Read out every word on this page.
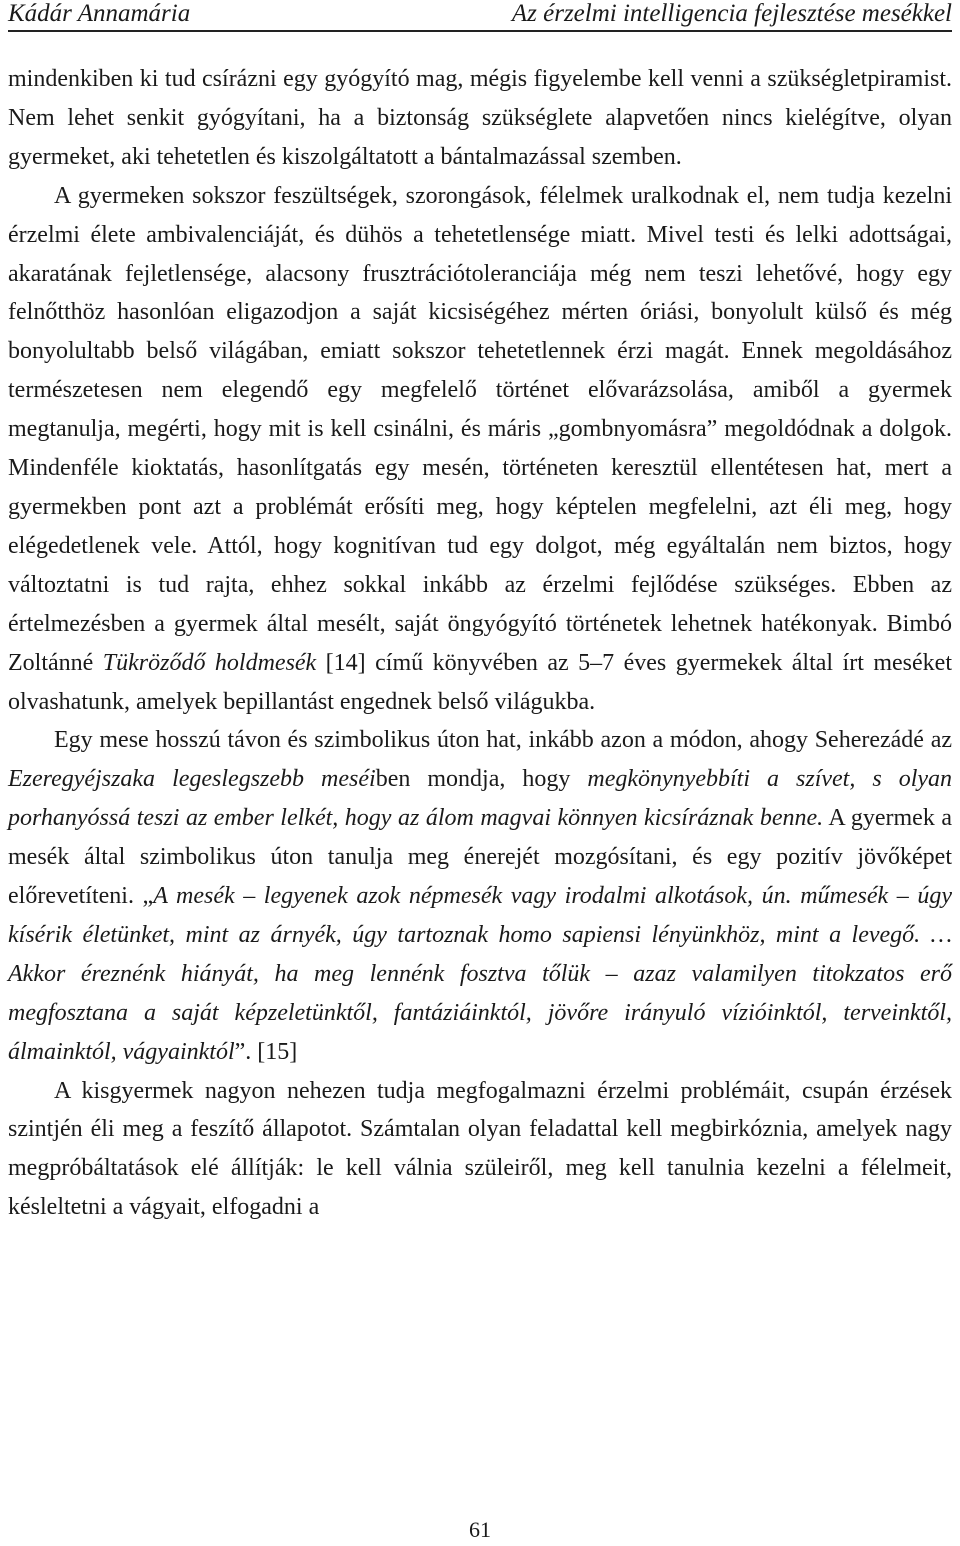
Kádár Annamária	Az érzelmi intelligencia fejlesztése mesékkel

mindenkiben ki tud csírázni egy gyógyító mag, mégis figyelembe kell venni a szükségletpiramist. Nem lehet senkit gyógyítani, ha a biztonság szükséglete alapvetően nincs kielégítve, olyan gyermeket, aki tehetetlen és kiszolgáltatott a bántalmazással szemben.

A gyermeken sokszor feszültségek, szorongások, félelmek uralkodnak el, nem tudja kezelni érzelmi élete ambivalenciáját, és dühös a tehetetlensége miatt. Mivel testi és lelki adottságai, akaratának fejletlensége, alacsony frusztrációtoleranciája még nem teszi lehetővé, hogy egy felnőtthöz hasonlóan eligazodjon a saját kicsiségéhez mérten óriási, bonyolult külső és még bonyolultabb belső világában, emiatt sokszor tehetetlennek érzi magát. Ennek megoldásához természetesen nem elegendő egy megfelelő történet elővarázsolása, amiből a gyermek megtanulja, megérti, hogy mit is kell csinálni, és máris „gombnyomásra” megoldódnak a dolgok. Mindenféle kioktatás, hasonlítgatás egy mesén, történeten keresztül ellentétesen hat, mert a gyermekben pont azt a problémát erősíti meg, hogy képtelen megfelelni, azt éli meg, hogy elégedetlenek vele. Attól, hogy kognitívan tud egy dolgot, még egyáltalán nem biztos, hogy változtatni is tud rajta, ehhez sokkal inkább az érzelmi fejlődése szükséges. Ebben az értelmezésben a gyermek által mesélt, saját öngyógyító történetek lehetnek hatékonyak. Bimbó Zoltánné Tükröződő holdmesék [14] című könyvében az 5–7 éves gyermekek által írt meséket olvashatunk, amelyek bepillantást engednek belső világukba.

Egy mese hosszú távon és szimbolikus úton hat, inkább azon a módon, ahogy Seherezádé az Ezeregyéjszaka legeslegszebb meséiben mondja, hogy megkönynyebbíti a szívet, s olyan porhanyóssá teszi az ember lelkét, hogy az álom magvai könnyen kicsíráznak benne. A gyermek a mesék által szimbolikus úton tanulja meg énerejét mozgósítani, és egy pozitív jövőképet előrevetíteni. „A mesék – legyenek azok népmesék vagy irodalmi alkotások, ún. műmesék – úgy kísérik életünket, mint az árnyék, úgy tartoznak homo sapiensi lényünkhöz, mint a levegő. … Akkor éreznénk hiányát, ha meg lennénk fosztva tőlük – azaz valamilyen titokzatos erő megfosztana a saját képzeletünktől, fantáziáinktól, jövőre irányuló vízióinktól, terveinktől, álmainktól, vágyainktól”. [15]

A kisgyermek nagyon nehezen tudja megfogalmazni érzelmi problémáit, csupán érzések szintjén éli meg a feszítő állapotot. Számtalan olyan feladattal kell megbirkóznia, amelyek nagy megpróbáltatások elé állítják: le kell válnia szüleiről, meg kell tanulnia kezelni a félelmeit, késleltetni a vágyait, elfogadni a

61
